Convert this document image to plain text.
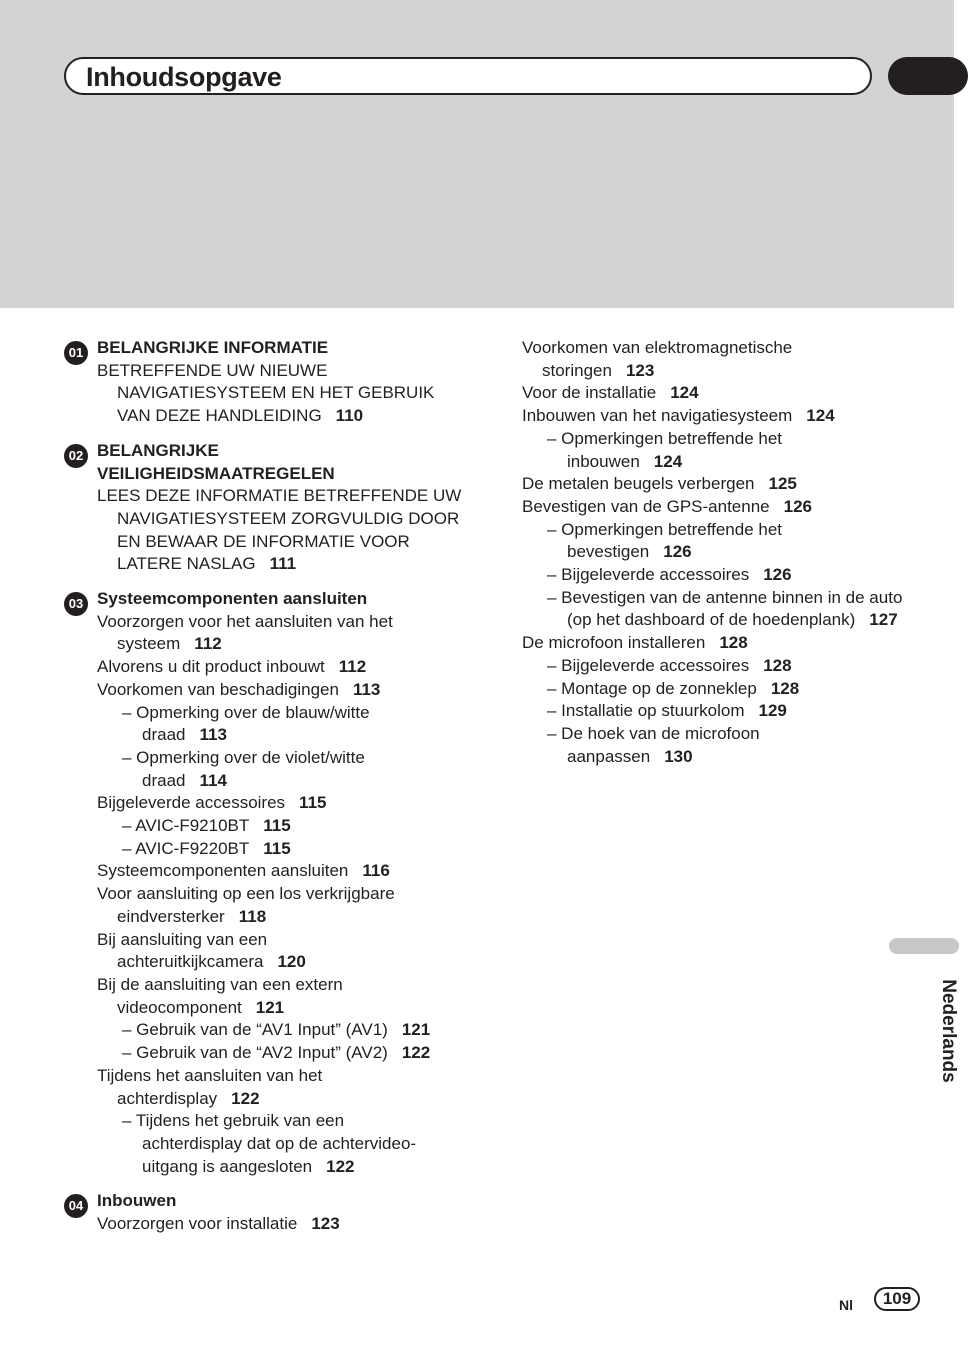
Inhoudsopgave
01 BELANGRIJKE INFORMATIE
BETREFFENDE UW NIEUWE NAVIGATIESYSTEEM EN HET GEBRUIK VAN DEZE HANDLEIDING 110
02 BELANGRIJKE VEILIGHEIDSMAATREGELEN
LEES DEZE INFORMATIE BETREFFENDE UW NAVIGATIESYSTEEM ZORGVULDIG DOOR EN BEWAAR DE INFORMATIE VOOR LATERE NASLAG 111
03 Systeemcomponenten aansluiten
Voorzorgen voor het aansluiten van het systeem 112
Alvorens u dit product inbouwt 112
Voorkomen van beschadigingen 113
– Opmerking over de blauw/witte draad 113
– Opmerking over de violet/witte draad 114
Bijgeleverde accessoires 115
– AVIC-F9210BT 115
– AVIC-F9220BT 115
Systeemcomponenten aansluiten 116
Voor aansluiting op een los verkrijgbare eindversterker 118
Bij aansluiting van een achteruitkijkcamera 120
Bij de aansluiting van een extern videocomponent 121
– Gebruik van de “AV1 Input” (AV1) 121
– Gebruik van de “AV2 Input” (AV2) 122
Tijdens het aansluiten van het achterdisplay 122
– Tijdens het gebruik van een achterdisplay dat op de achtervideo-uitgang is aangesloten 122
04 Inbouwen
Voorzorgen voor installatie 123
Voorkomen van elektromagnetische storingen 123
Voor de installatie 124
Inbouwen van het navigatiesysteem 124
– Opmerkingen betreffende het inbouwen 124
De metalen beugels verbergen 125
Bevestigen van de GPS-antenne 126
– Opmerkingen betreffende het bevestigen 126
– Bijgeleverde accessoires 126
– Bevestigen van de antenne binnen in de auto (op het dashboard of de hoedenplank) 127
De microfoon installeren 128
– Bijgeleverde accessoires 128
– Montage op de zonneklep 128
– Installatie op stuurkolom 129
– De hoek van de microfoon aanpassen 130
Nederlands
Nl	109
